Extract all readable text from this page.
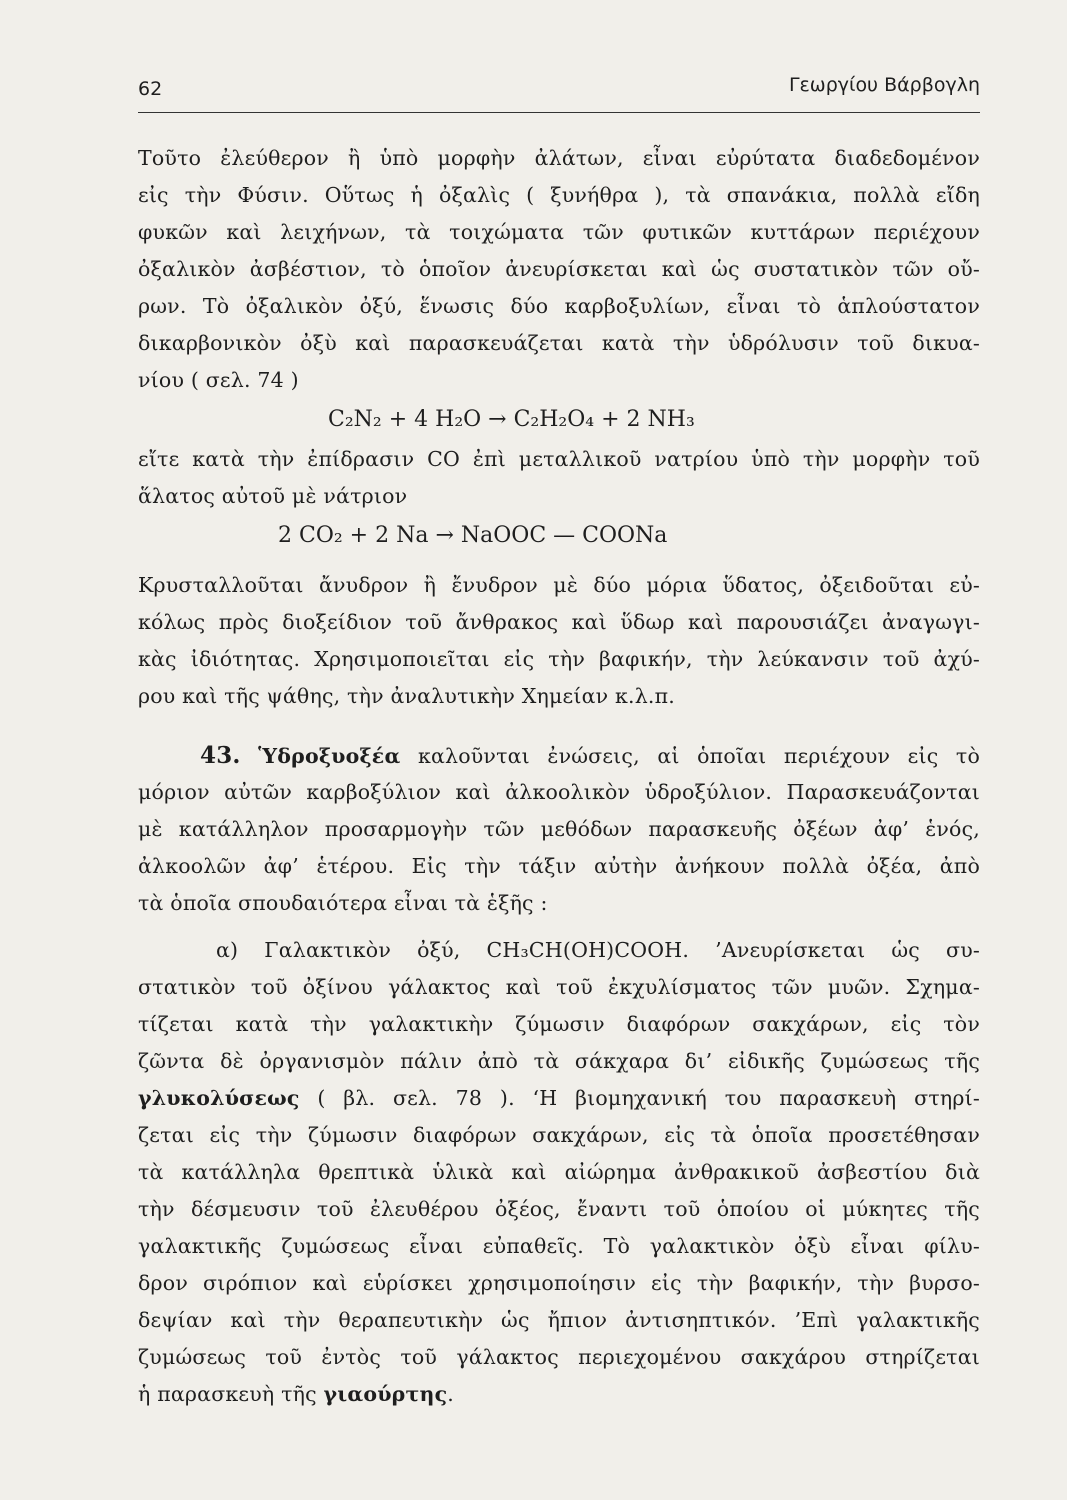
62	Γεωργίου Βάρβογλη
Τοῦτο ἐλεύθερον ἢ ὑπὸ μορφὴν ἀλάτων, εἶναι εὐρύτατα διαδεδομένον
εἰς τὴν Φύσιν. Οὕτως ἡ ὀξαλὶς ( ξυνήθρα ), τὰ σπανάκια, πολλὰ εἴδη
φυκῶν καὶ λειχήνων, τὰ τοιχώματα τῶν φυτικῶν κυττάρων περιέχουν
ὀξαλικὸν ἀσβέστιον, τὸ ὁποῖον ἀνευρίσκεται καὶ ὡς συστατικὸν τῶν οὔ-
ρων. Τὸ ὀξαλικὸν ὀξύ, ἕνωσις δύο καρβοξυλίων, εἶναι τὸ ἁπλούστατον
δικαρβονικὸν ὀξὺ καὶ παρασκευάζεται κατὰ τὴν ὑδρόλυσιν τοῦ δικυα-
νίου ( σελ. 74 )
C₂N₂ + 4 H₂O → C₂H₂O₄ + 2 NH₃
εἴτε κατὰ τὴν ἐπίδρασιν CO ἐπὶ μεταλλικοῦ νατρίου ὑπὸ τὴν μορφὴν τοῦ
ἅλατος αὐτοῦ μὲ νάτριον
2 CO₂ + 2 Na → NaOOC — COONa
Κρυσταλλοῦται ἄνυδρον ἢ ἔνυδρον μὲ δύο μόρια ὕδατος, ὀξειδοῦται εὐ-
κόλως πρὸς διοξείδιον τοῦ ἄνθρακος καὶ ὕδωρ καὶ παρουσιάζει ἀναγωγι-
κὰς ἰδιότητας. Χρησιμοποιεῖται εἰς τὴν βαφικήν, τὴν λεύκανσιν τοῦ ἀχύ-
ρου καὶ τῆς ψάθης, τὴν ἀναλυτικὴν Χημείαν κ.λ.π.
43. Ὑδροξυοξέα καλοῦνται ἐνώσεις, αἱ ὁποῖαι περιέχουν εἰς τὸ
μόριον αὐτῶν καρβοξύλιον καὶ ἀλκοολικὸν ὑδροξύλιον. Παρασκευάζονται
μὲ κατάλληλον προσαρμογὴν τῶν μεθόδων παρασκευῆς ὀξέων ἀφ’ ἑνός,
ἀλκοολῶν ἀφ’ ἑτέρου. Εἰς τὴν τάξιν αὐτὴν ἀνήκουν πολλὰ ὀξέα, ἀπὸ
τὰ ὁποῖα σπουδαιότερα εἶναι τὰ ἑξῆς :
α) Γαλακτικὸν ὀξύ, CH₃CH(OH)COOH. ’Ανευρίσκεται ὡς συ-
στατικὸν τοῦ ὀξίνου γάλακτος καὶ τοῦ ἐκχυλίσματος τῶν μυῶν. Σχημα-
τίζεται κατὰ τὴν γαλακτικὴν ζύμωσιν διαφόρων σακχάρων, εἰς τὸν
ζῶντα δὲ ὀργανισμὸν πάλιν ἀπὸ τὰ σάκχαρα δι’ εἰδικῆς ζυμώσεως τῆς
γλυκολύσεως ( βλ. σελ. 78 ). ‘Η βιομηχανική του παρασκευὴ στηρί-
ζεται εἰς τὴν ζύμωσιν διαφόρων σακχάρων, εἰς τὰ ὁποῖα προσετέθησαν
τὰ κατάλληλα θρεπτικὰ ὑλικὰ καὶ αἰώρημα ἀνθρακικοῦ ἀσβεστίου διὰ
τὴν δέσμευσιν τοῦ ἐλευθέρου ὀξέος, ἔναντι τοῦ ὁποίου οἱ μύκητες τῆς
γαλακτικῆς ζυμώσεως εἶναι εὐπαθεῖς. Τὸ γαλακτικὸν ὀξὺ εἶναι φίλυ-
δρον σιρόπιον καὶ εὑρίσκει χρησιμοποίησιν εἰς τὴν βαφικήν, τὴν βυρσο-
δεψίαν καὶ τὴν θεραπευτικὴν ὡς ἤπιον ἀντισηπτικόν. ’Επὶ γαλακτικῆς
ζυμώσεως τοῦ ἐντὸς τοῦ γάλακτος περιεχομένου σακχάρου στηρίζεται
ἡ παρασκευὴ τῆς γιαούρτης.
